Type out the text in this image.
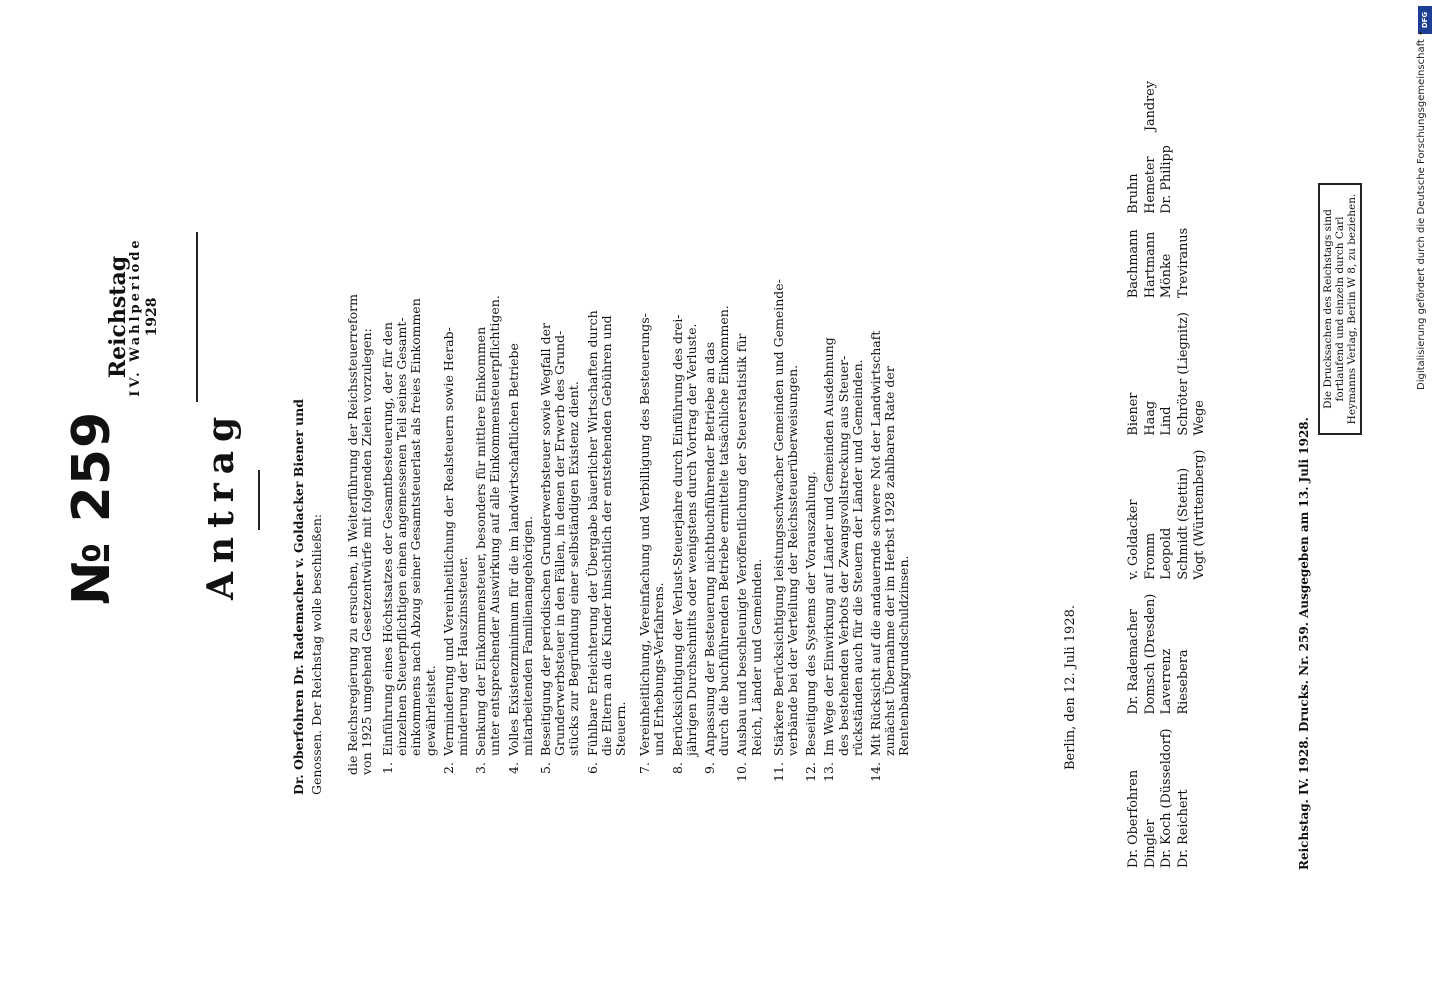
№ 259
Reichstag
IV. Wahlperiode 1928
Antrag	Dr. Oberfohren Dr. Rademacher v. Goldacker Biener und Genossen. Der Reichstag wolle beschließen: die Reichsregierung zu ersuchen, in Weiterführung der Reichssteuerreform von 1925 umgehend Gesetzentwürfe mit folgenden Zielen vorzulegen: 1.Einführung eines Höchstsatzes der Gesamtbesteuerung, der für den einzelnen Steuerpflichtigen einen angemessenen Teil seines Gesamt- einkommens nach Abzug seiner Gesamtsteuerlast als freies Einkommen gewährleistet.
2.Verminderung und Vereinheitlichung der Realsteuern sowie Herab- minderung der Hauszinssteuer.
3.Senkung der Einkommensteuer, besonders für mittlere Einkommen unter entsprechender Auswirkung auf alle Einkommensteuerpflichtigen.
4.Volles Existenzminimum für die im landwirtschaftlichen Betriebe mitarbeitenden Familienangehörigen.
5.Beseitigung der periodischen Grunderwerbsteuer sowie Wegfall der Grunderwerbsteuer in den Fällen, in denen der Erwerb des Grund- stücks zur Begründung einer selbständigen Existenz dient.
6.Fühlbare Erleichterung der Übergabe bäuerlicher Wirtschaften durch die Eltern an die Kinder hinsichtlich der entstehenden Gebühren und Steuern.
7.Vereinheitlichung, Vereinfachung und Verbilligung des Besteuerungs- und Erhebungs-Verfahrens.
8.Berücksichtigung der Verlust-Steuerjahre durch Einführung des drei- jährigen Durchschnitts oder wenigstens durch Vortrag der Verluste.
9.Anpassung der Besteuerung nichtbuchführender Betriebe an das durch die buchführenden Betriebe ermittelte tatsächliche Einkommen.
10.Ausbau und beschleunigte Veröffentlichung der Steuerstatistik für Reich, Länder und Gemeinden.
11.Stärkere Berücksichtigung leistungsschwacher Gemeinden und Gemeinde- verbände bei der Verteilung der Reichssteuerüberweisungen.
12.Beseitigung des Systems der Vorauszahlung.
13.Im Wege der Einwirkung auf Länder und Gemeinden Ausdehnung des bestehenden Verbots der Zwangsvollstreckung aus Steuer- rückständen auch für die Steuern der Länder und Gemeinden.
14.Mit Rücksicht auf die andauernde schwere Not der Landwirtschaft zunächst Übernahme der im Herbst 1928 zahlbaren Rate der Rentenbankgrundschuldzinsen.	Berlin, den 12. Juli 1928.
Dr. Oberfohren	Dr. Rademacher	v. Goldacker	Biener	Bachmann	Bruhn	
Dingler	Domsch (Dresden)	Fromm	Haag	Hartmann	Hemeter	Jandrey
Dr. Koch (Düsseldorf)	Laverrenz	Leopold	Lind	Mönke	Dr. Philipp	
Dr. Reichert	Riesebera	Schmidt (Stettin)	Schröter (Liegnitz)	Treviranus		
		Vogt (Württemberg)	Wege				Reichstag. IV. 1928. Drucks. Nr. 259. Ausgegeben am 13. Juli 1928.
Die Drucksachen des Reichstags sind fortlaufend und einzeln durch Carl Heymanns Verlag, Berlin W 8, zu beziehen.
DFG
Digitalisierung gefördert durch die Deutsche Forschungsgemeinschaft •
